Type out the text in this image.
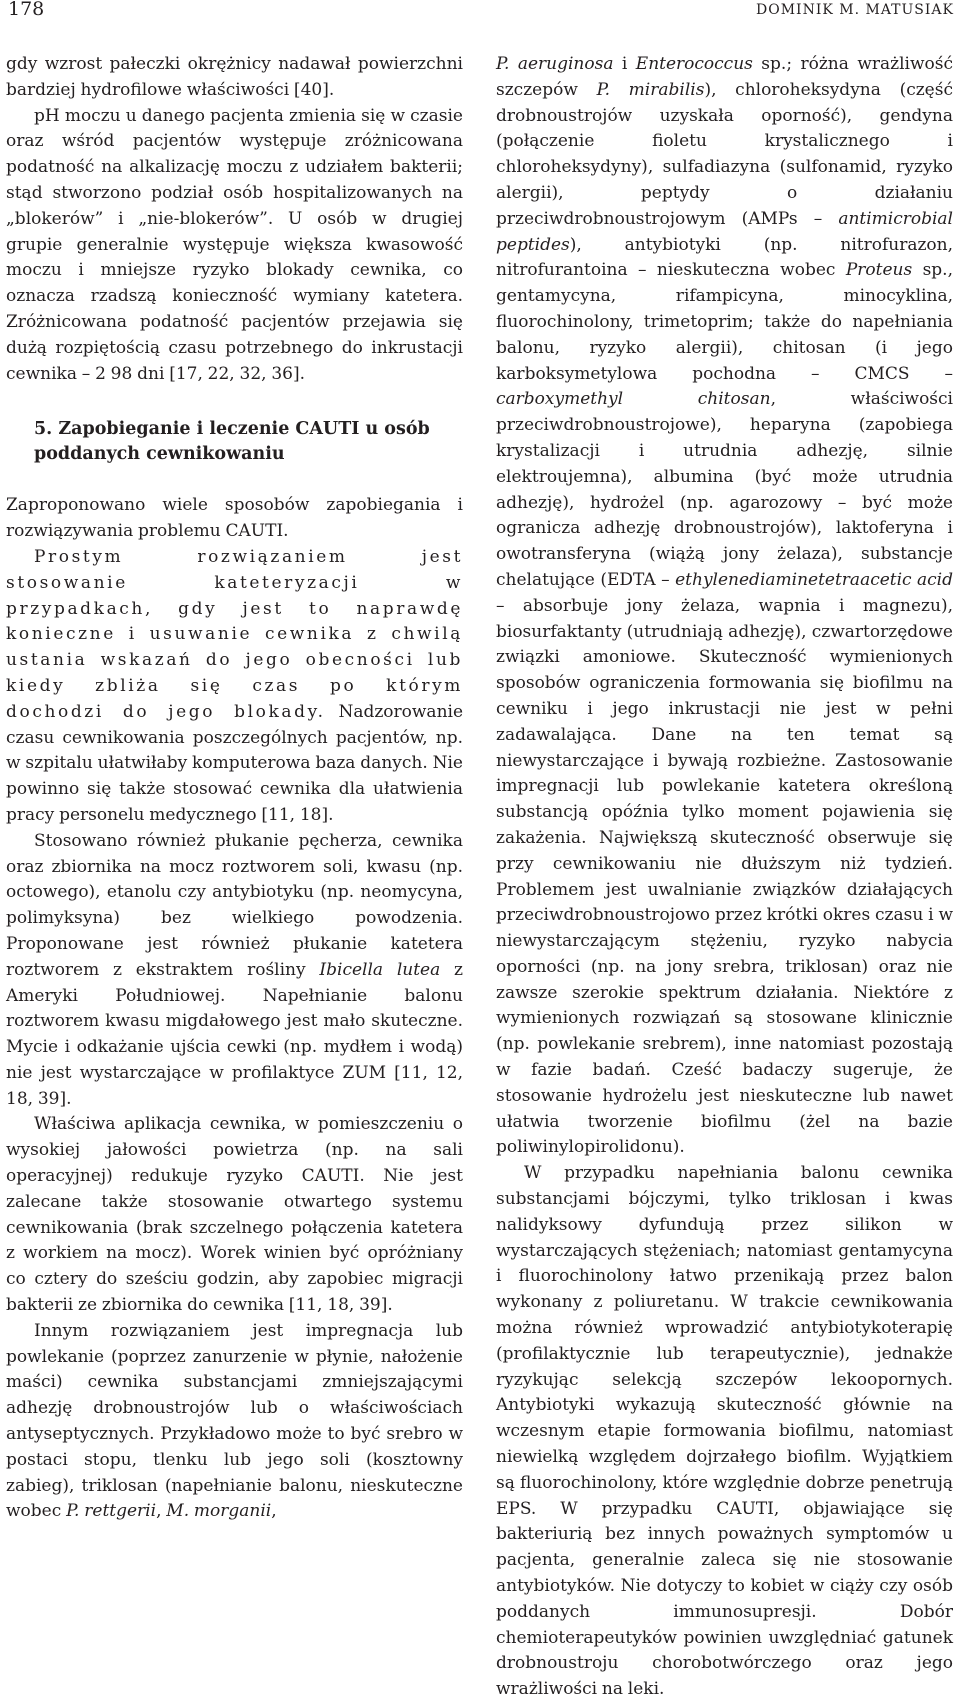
178	DOMINIK M. MATUSIAK

gdy wzrost pałeczki okrężnicy nadawał powierzchni bardziej hydrofilowe właściwości [40].

pH moczu u danego pacjenta zmienia się w czasie oraz wśród pacjentów występuje zróżnicowana podatność na alkalizację moczu z udziałem bakterii; stąd stworzono podział osób hospitalizowanych na „blokerów” i „nie-blokerów”. U osób w drugiej grupie generalnie występuje większa kwasowość moczu i mniejsze ryzyko blokady cewnika, co oznacza rzadszą konieczność wymiany katetera. Zróżnicowana podatność pacjentów przejawia się dużą rozpiętością czasu potrzebnego do inkrustacji cewnika – 2 98 dni [17, 22, 32, 36].

5. Zapobieganie i leczenie CAUTI u osób poddanych cewnikowaniu

Zaproponowano wiele sposobów zapobiegania i rozwiązywania problemu CAUTI.

Prostym rozwiązaniem jest stosowanie kateteryzacji w przypadkach, gdy jest to naprawdę konieczne i usuwanie cewnika z chwilą ustania wskazań do jego obecności lub kiedy zbliża się czas po którym dochodzi do jego blokady. Nadzorowanie czasu cewnikowania poszczególnych pacjentów, np. w szpitalu ułatwiłaby komputerowa baza danych. Nie powinno się także stosować cewnika dla ułatwienia pracy personelu medycznego [11, 18].

Stosowano również płukanie pęcherza, cewnika oraz zbiornika na mocz roztworem soli, kwasu (np. octowego), etanolu czy antybiotyku (np. neomycyna, polimyksyna) bez wielkiego powodzenia. Proponowane jest również płukanie katetera roztworem z ekstraktem rośliny Ibicella lutea z Ameryki Południowej. Napełnianie balonu roztworem kwasu migdałowego jest mało skuteczne. Mycie i odkażanie ujścia cewki (np. mydłem i wodą) nie jest wystarczające w profilaktyce ZUM [11, 12, 18, 39].

Właściwa aplikacja cewnika, w pomieszczeniu o wysokiej jałowości powietrza (np. na sali operacyjnej) redukuje ryzyko CAUTI. Nie jest zalecane także stosowanie otwartego systemu cewnikowania (brak szczelnego połączenia katetera z workiem na mocz). Worek winien być opróżniany co cztery do sześciu godzin, aby zapobiec migracji bakterii ze zbiornika do cewnika [11, 18, 39].

Innym rozwiązaniem jest impregnacja lub powlekanie (poprzez zanurzenie w płynie, nałożenie maści) cewnika substancjami zmniejszającymi adhezję drobnoustrojów lub o właściwościach antyseptycznych. Przykładowo może to być srebro w postaci stopu, tlenku lub jego soli (kosztowny zabieg), triklosan (napełnianie balonu, nieskuteczne wobec P. rettgerii, M. morganii,

P. aeruginosa i Enterococcus sp.; różna wrażliwość szczepów P. mirabilis), chloroheksydyna (część drobnoustrojów uzyskała oporność), gendyna (połączenie fioletu krystalicznego i chloroheksydyny), sulfadiazyna (sulfonamid, ryzyko alergii), peptydy o działaniu przeciwdrobnoustrojowym (AMPs – antimicrobial peptides), antybiotyki (np. nitrofurazon, nitrofurantoina – nieskuteczna wobec Proteus sp., gentamycyna, rifampicyna, minocyklina, fluorochinolony, trimetoprim; także do napełniania balonu, ryzyko alergii), chitosan (i jego karboksymetylowa pochodna – CMCS – carboxymethyl chitosan, właściwości przeciwdrobnoustrojowe), heparyna (zapobiega krystalizacji i utrudnia adhezję, silnie elektroujemna), albumina (być może utrudnia adhezję), hydrożel (np. agarozowy – być może ogranicza adhezję drobnoustrojów), laktoferyna i owotransferyna (wiążą jony żelaza), substancje chelatujące (EDTA – ethylenediaminetetraacetic acid – absorbuje jony żelaza, wapnia i magnezu), biosurfaktanty (utrudniają adhezję), czwartorzędowe związki amoniowe. Skuteczność wymienionych sposobów ograniczenia formowania się biofilmu na cewniku i jego inkrustacji nie jest w pełni zadawalająca. Dane na ten temat są niewystarczające i bywają rozbieżne. Zastosowanie impregnacji lub powlekanie katetera określoną substancją opóźnia tylko moment pojawienia się zakażenia. Największą skuteczność obserwuje się przy cewnikowaniu nie dłuższym niż tydzień. Problemem jest uwalnianie związków działających przeciwdrobnoustrojowo przez krótki okres czasu i w niewystarczającym stężeniu, ryzyko nabycia oporności (np. na jony srebra, triklosan) oraz nie zawsze szerokie spektrum działania. Niektóre z wymienionych rozwiązań są stosowane klinicznie (np. powlekanie srebrem), inne natomiast pozostają w fazie badań. Cześć badaczy sugeruje, że stosowanie hydrożelu jest nieskuteczne lub nawet ułatwia tworzenie biofilmu (żel na bazie poliwinylopirolidonu).

W przypadku napełniania balonu cewnika substancjami bójczymi, tylko triklosan i kwas nalidyksowy dyfundują przez silikon w wystarczających stężeniach; natomiast gentamycyna i fluorochinolony łatwo przenikają przez balon wykonany z poliuretanu. W trakcie cewnikowania można również wprowadzić antybiotykoterapię (profilaktycznie lub terapeutycznie), jednakże ryzykując selekcją szczepów lekoopornych. Antybiotyki wykazują skuteczność głównie na wczesnym etapie formowania biofilmu, natomiast niewielką względem dojrzałego biofilm. Wyjątkiem są fluorochinolony, które względnie dobrze penetrują EPS. W przypadku CAUTI, objawiające się bakteriurią bez innych poważnych symptomów u pacjenta, generalnie zaleca się nie stosowanie antybiotyków. Nie dotyczy to kobiet w ciąży czy osób poddanych immunosupresji. Dobór chemioterapeutyków powinien uwzględniać gatunek drobnoustroju chorobotwórczego oraz jego wrażliwości na leki.
